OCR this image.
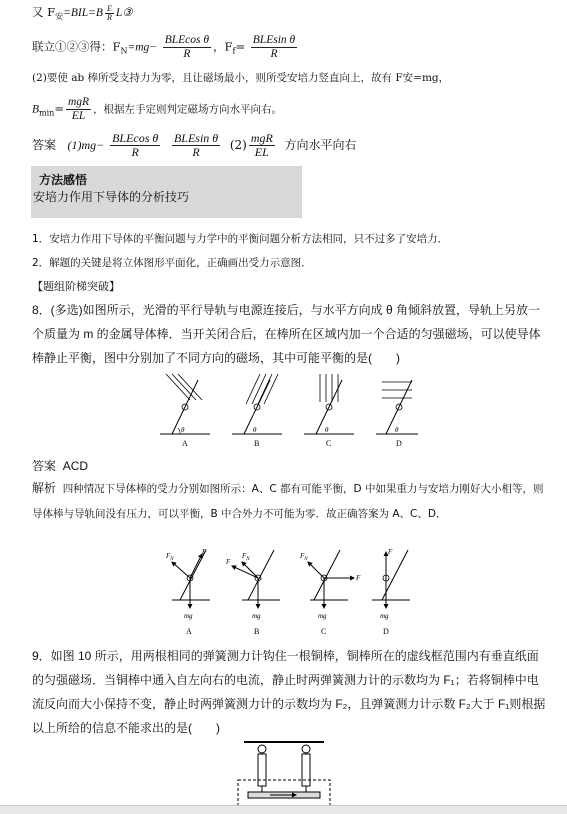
又 $F_安=BIL=B \frac{E}{R}$ L③
联立①②③得：$F_N=mg- \frac{\text{BLEcos θ}}{R}$ ，$F_f= \frac{\text{BLEsin θ}}{R}$
(2)要使 ab 棒所受支持力为零，且让磁场最小，则所受安培力竖直向上，故有 F安=mg，
$B_{min}= \frac{\text{mgR}}{EL}$ ，根据左手定则判定磁场方向水平向右。
答案 $(1)mg- \frac{\text{BLEcos θ}}{R}$
$\frac{\text{BLEsin θ}}{R} (2) \frac{\text{mgR}}{EL}$ 方向水平向右
方法感悟
安培力作用下导体的分析技巧
1．安培力作用下导体的平衡问题与力学中的平衡问题分析方法相同，只不过多了安培力．
2．解题的关键是将立体图形平面化，正确画出受力示意图．
【题组阶梯突破】
8．(多选)如图所示，光滑的平行导轨与电源连接后，与水平方向成 θ 角倾斜放置，导轨上另放一个质量为 m 的金属导体棒．当开关闭合后，在棒所在区域内加一个合适的匀强磁场，可以使导体棒静止平衡，图中分别加了不同方向的磁场，其中可能平衡的是(　　)
θ
A
θ
B
θ
C
θ
D
答案 ACD
解析 四种情况下导体棒的受力分别如图所示：A、C 都有可能平衡，D 中如果重力与安培力刚好大小相等，则导体棒与导轨间没有压力，可以平衡，B 中合外力不可能为零．故正确答案为 A、C、D．
$F_N$
F
mg
A
F
$F_N$
mg
B
$F_N$
F
mg
C
F
mg
D
9．如图 10 所示，用两根相同的弹簧测力计钩住一根铜棒，铜棒所在的虚线框范围内有垂直纸面的匀强磁场．当铜棒中通入自左向右的电流，静止时两弹簧测力计的示数均为 F₁；若将铜棒中电流反向而大小保持不变，静止时两弹簧测力计的示数均为 F₂，且弹簧测力计示数 F₂大于 F₁则根据以上所给的信息不能求出的是(　　)
